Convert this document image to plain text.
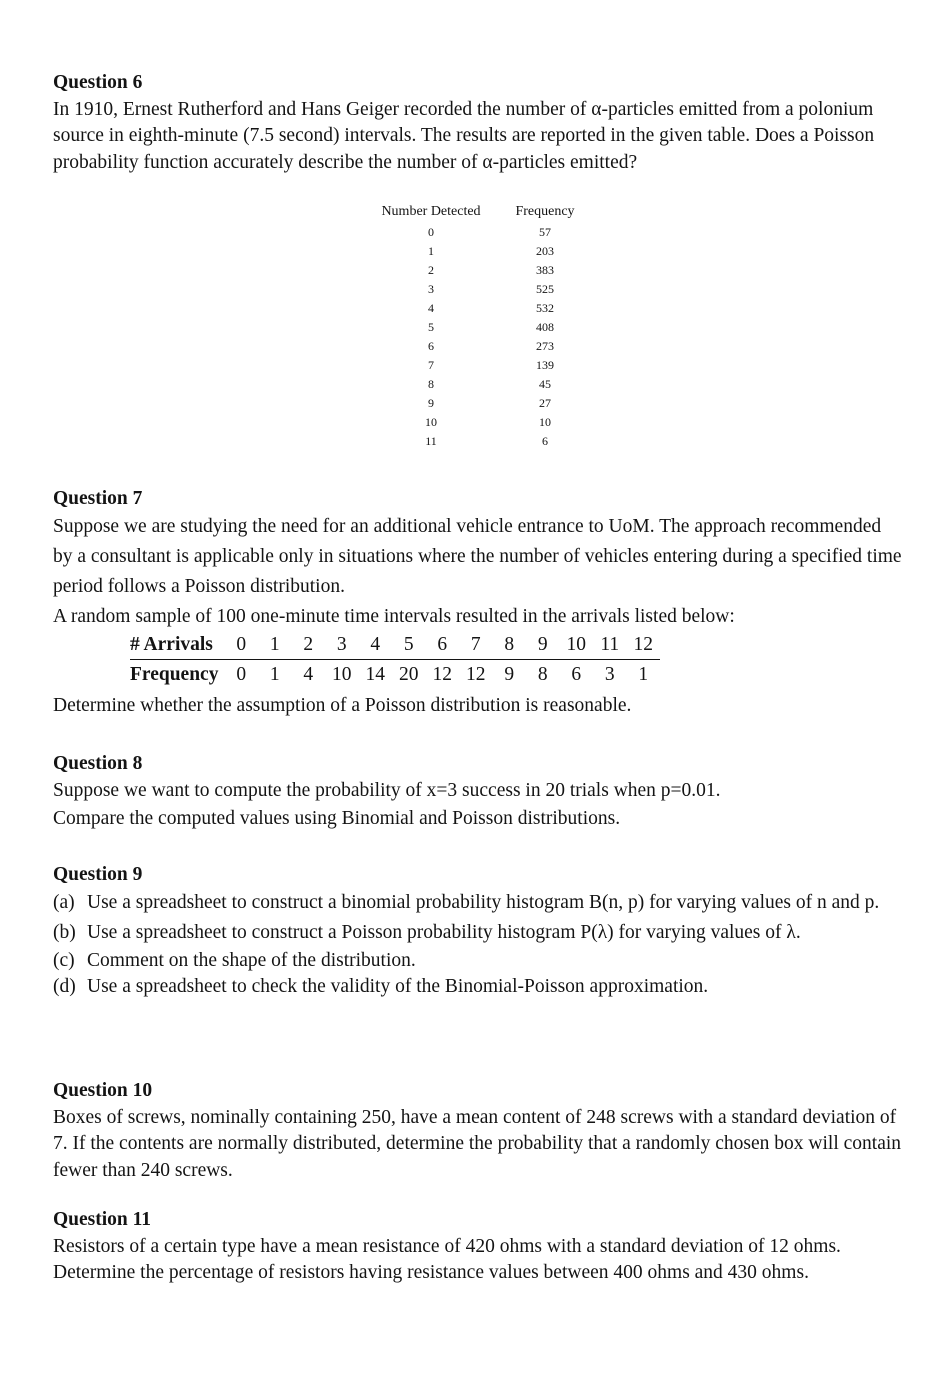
Question 6
In 1910, Ernest Rutherford and Hans Geiger recorded the number of α-particles emitted from a polonium source in eighth-minute (7.5 second) intervals. The results are reported in the given table. Does a Poisson probability function accurately describe the number of α-particles emitted?
Number Detected	Frequency
0	57
1	203
2	383
3	525
4	532
5	408
6	273
7	139
8	45
9	27
10	10
11	6
Question 7
Suppose we are studying the need for an additional vehicle entrance to UoM. The approach recommended by a consultant is applicable only in situations where the number of vehicles entering during a specified time period follows a Poisson distribution.
A random sample of 100 one-minute time intervals resulted in the arrivals listed below:
Determine whether the assumption of a Poisson distribution is reasonable.
# Arrivals	0	1	2	3	4	5	6	7	8	9	10	11	12
Frequency	0	1	4	10	14	20	12	12	9	8	6	3	1
Question 8
Suppose we want to compute the probability of x=3 success in 20 trials when p=0.01.
Compare the computed values using Binomial and Poisson distributions.
Question 9
(a) Use a spreadsheet to construct a binomial probability histogram B(n, p) for varying values of n and p.
(b) Use a spreadsheet to construct a Poisson probability histogram P(λ) for varying values of λ.
(c) Comment on the shape of the distribution.
(d) Use a spreadsheet to check the validity of the Binomial-Poisson approximation.
Question 10
Boxes of screws, nominally containing 250, have a mean content of 248 screws with a standard deviation of 7. If the contents are normally distributed, determine the probability that a randomly chosen box will contain fewer than 240 screws.
Question 11
Resistors of a certain type have a mean resistance of 420 ohms with a standard deviation of 12 ohms. Determine the percentage of resistors having resistance values between 400 ohms and 430 ohms.
